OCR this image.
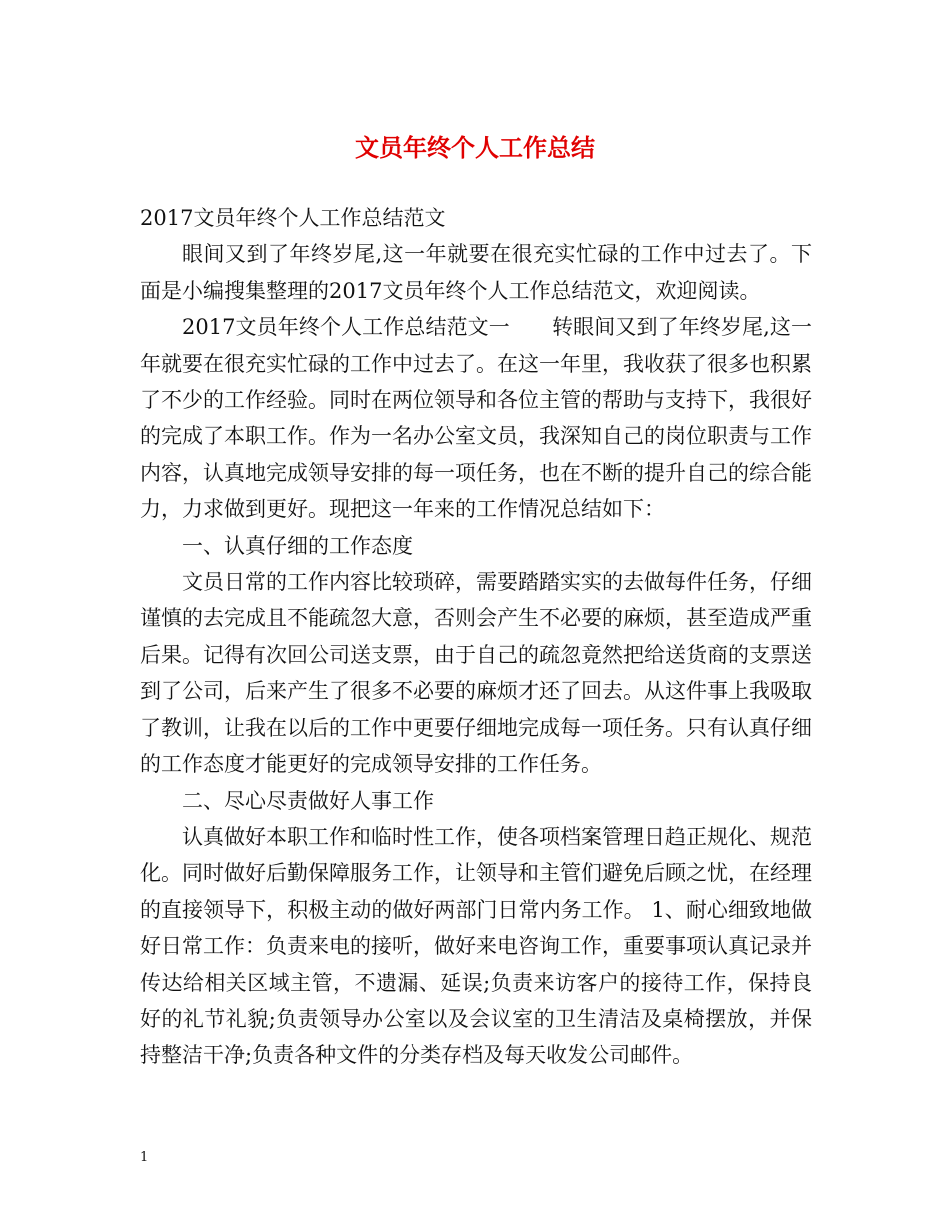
文员年终个人工作总结

2017文员年终个人工作总结范文

眼间又到了年终岁尾,这一年就要在很充实忙碌的工作中过去了。下面是小编搜集整理的2017文员年终个人工作总结范文，欢迎阅读。

2017文员年终个人工作总结范文一　　转眼间又到了年终岁尾,这一年就要在很充实忙碌的工作中过去了。在这一年里，我收获了很多也积累了不少的工作经验。同时在两位领导和各位主管的帮助与支持下，我很好的完成了本职工作。作为一名办公室文员，我深知自己的岗位职责与工作内容，认真地完成领导安排的每一项任务，也在不断的提升自己的综合能力，力求做到更好。现把这一年来的工作情况总结如下：

一、认真仔细的工作态度

文员日常的工作内容比较琐碎，需要踏踏实实的去做每件任务，仔细谨慎的去完成且不能疏忽大意，否则会产生不必要的麻烦，甚至造成严重后果。记得有次回公司送支票，由于自己的疏忽竟然把给送货商的支票送到了公司，后来产生了很多不必要的麻烦才还了回去。从这件事上我吸取了教训，让我在以后的工作中更要仔细地完成每一项任务。只有认真仔细的工作态度才能更好的完成领导安排的工作任务。

二、尽心尽责做好人事工作

认真做好本职工作和临时性工作，使各项档案管理日趋正规化、规范化。同时做好后勤保障服务工作，让领导和主管们避免后顾之忧，在经理的直接领导下，积极主动的做好两部门日常内务工作。 1、耐心细致地做好日常工作：负责来电的接听，做好来电咨询工作，重要事项认真记录并传达给相关区域主管，不遗漏、延误;负责来访客户的接待工作，保持良好的礼节礼貌;负责领导办公室以及会议室的卫生清洁及桌椅摆放，并保持整洁干净;负责各种文件的分类存档及每天收发公司邮件。

1
